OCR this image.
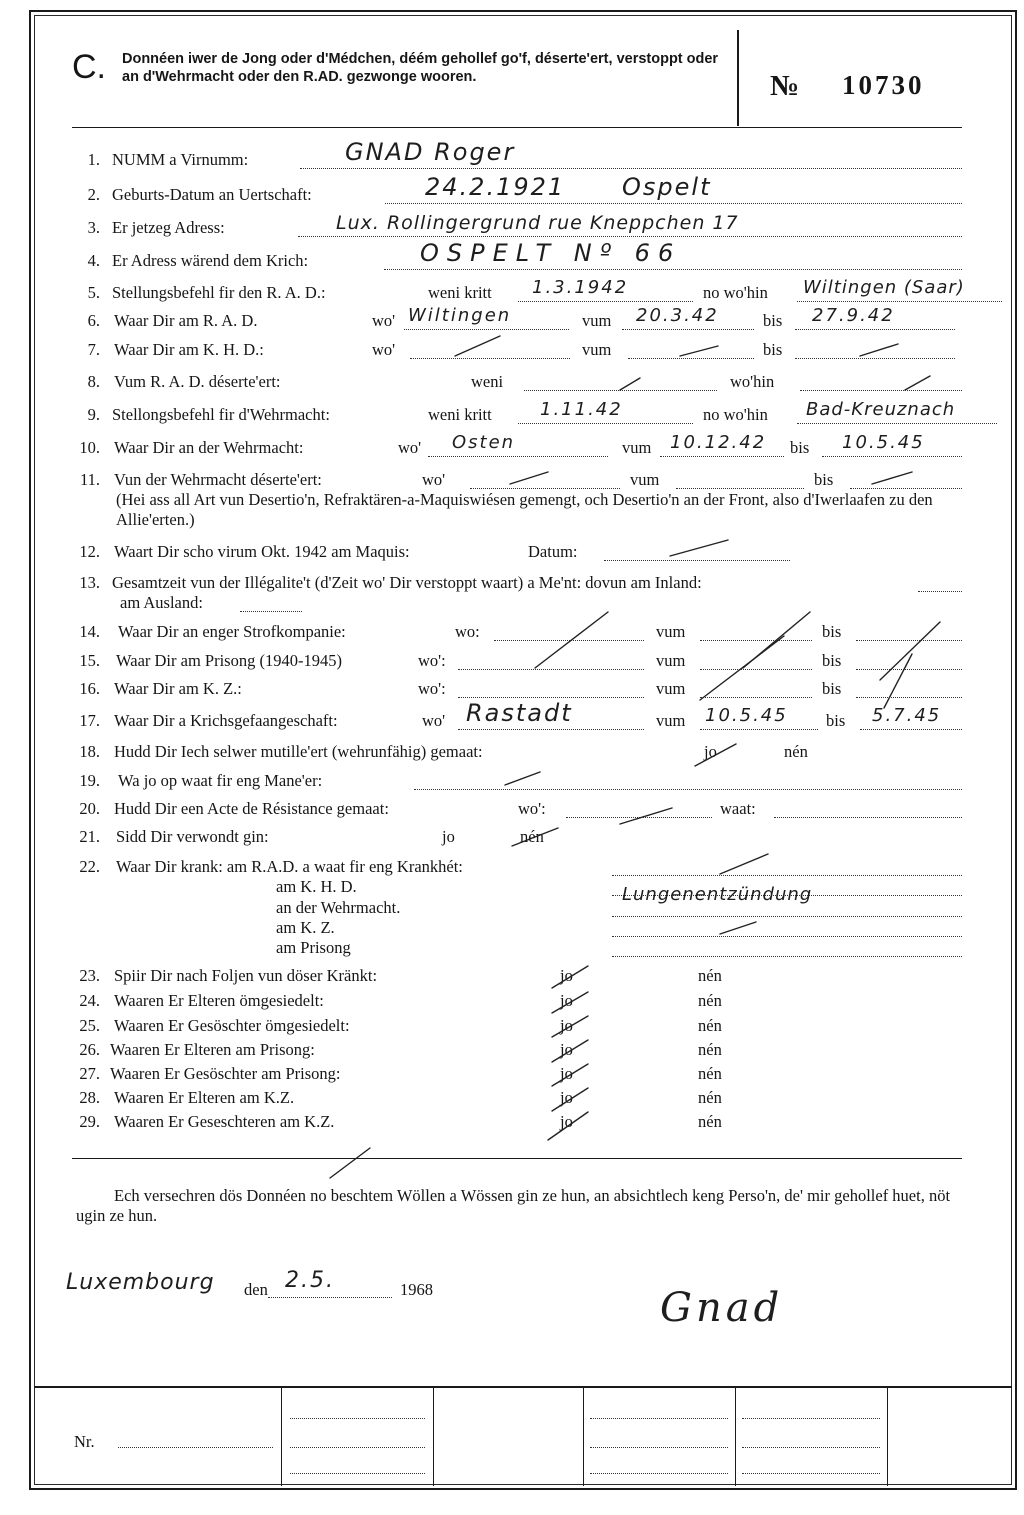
C. Donnéen iwer de Jong oder d'Médchen, déém gehollef go'f, déserte'ert, verstoppt oder an d'Wehrmacht oder den R.AD. gezwonge wooren.	№ 10730
1. NUMM a Virnumm:	GNAD Roger
2. Geburts-Datum an Uertschaft:	24.2.1921 Ospelt
3. Er jetzeg Adress:	Lux. Rollingergrund rue Kneppchen 17
4. Er Adress wärend dem Krich:	OSPELT Nº 66
5. Stellungsbefehl fir den R. A. D.:	weni kritt 1.3.1942	no wo'hin Wiltingen (Saar)
6. Waar Dir am R. A. D.	wo' Wiltingen	vum 20.3.42	bis 27.9.42
7. Waar Dir am K. H. D.:	wo'	vum	bis
8. Vum R. A. D. déserte'ert:	weni	wo'hin
9. Stellongsbefehl fir d'Wehrmacht:	weni kritt	1.11.42	no wo'hin Bad-Kreuznach
10. Waar Dir an der Wehrmacht:	wo' Osten	vum 10.12.42 bis 10.5.45
11. Vun der Wehrmacht déserte'ert:	wo'	vum	bis
(Hei ass all Art vun Desertio'n, Refraktären-a-Maquiswiésen gemengt, och Desertio'n an der Front, also d'Iwerlaafen zu den Allie'erten.)
12. Waart Dir scho virum Okt. 1942 am Maquis:	Datum:
13. Gesamtzeit vun der Illégalite't (d'Zeit wo' Dir verstoppt waart) a Me'nt: dovun am Inland:
am Ausland:
14. Waar Dir an enger Strofkompanie:	wo:	vum	bis
15. Waar Dir am Prisong (1940-1945)	wo':	vum	bis
16. Waar Dir am K. Z.:	wo':	vum	bis
17. Waar Dir a Krichsgefaangeschaft:	wo' Rastadt	vum 10.5.45 bis 5.7.45
18. Hudd Dir Iech selwer mutille'ert (wehrunfähig) gemaat:	jo	nén
19. Wa jo op waat fir eng Mane'er:
20. Hudd Dir een Acte de Résistance gemaat:	wo':	waat:
21. Sidd Dir verwondt gin:	jo	nén
22. Waar Dir krank: am R.A.D. a waat fir eng Krankhét:
am K. H. D.
an der Wehrmacht.
Lungenentzündung
am K. Z.
am Prisong
23. Spiir Dir nach Foljen vun döser Kränkt:	jo	nén
24. Waaren Er Elteren ömgesiedelt:	jo	nén
25. Waaren Er Gesöschter ömgesiedelt:	jo	nén
26. Waaren Er Elteren am Prisong:	jo	nén
27. Waaren Er Gesöschter am Prisong:	jo	nén
28. Waaren Er Elteren am K.Z.	jo	nén
29. Waaren Er Geseschteren am K.Z.	jo	nén
Ech versechren dös Donnéen no beschtem Wöllen a Wössen gin ze hun, an absichtlech keng Perso'n, de' mir gehollef huet, nöt ugin ze hun.
Luxembourg den 2.5.	1968	Gnad
Nr.
